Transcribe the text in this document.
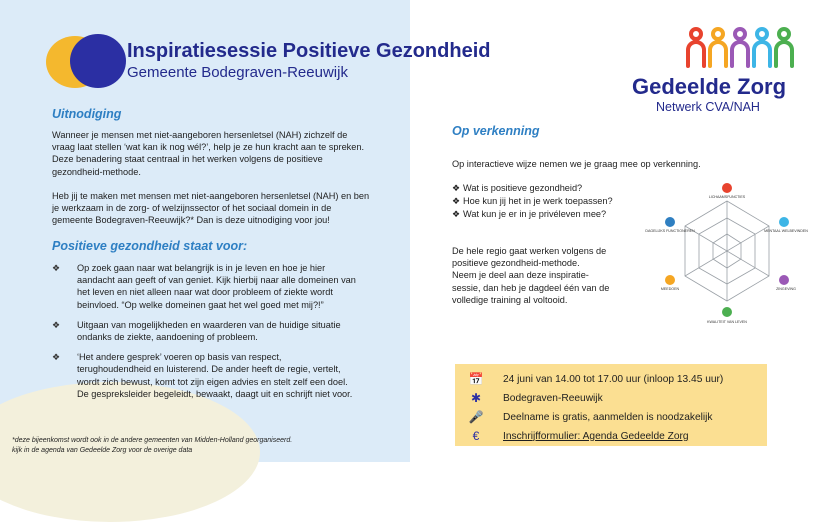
Inspiratiesessie Positieve Gezondheid
Gemeente Bodegraven-Reeuwijk
Uitnodiging
Wanneer je mensen met niet-aangeboren hersenletsel (NAH) zichzelf de
vraag laat stellen ‘wat kan ik nog wél?’, help je ze hun kracht aan te spreken.
Deze benadering staat centraal in het werken volgens de positieve
gezondheid-methode.
Heb jij te maken met mensen met niet-aangeboren hersenletsel (NAH) en ben
je werkzaam in de zorg- of welzijnssector of het sociaal domein in de
gemeente Bodegraven-Reeuwijk?* Dan is deze uitnodiging voor jou!
Positieve gezondheid staat voor:
❖ Op zoek gaan naar wat belangrijk is in je leven en hoe je hier
aandacht aan geeft of van geniet. Kijk hierbij naar alle domeinen van
het leven en niet alleen naar wat door probleem of ziekte wordt
beinvloed. “Op welke domeinen gaat het wel goed met mij?!”
❖ Uitgaan van mogelijkheden en waarderen van de huidige situatie
ondanks de ziekte, aandoening of probleem.
❖ ‘Het andere gesprek’ voeren op basis van respect,
terughoudendheid en luisterend. De ander heeft de regie, vertelt,
wordt zich bewust, komt tot zijn eigen advies en stelt zelf een doel.
De gespreksleider begeleidt, bewaakt, daagt uit en schrijft niet voor.
*deze bijeenkomst wordt ook in de andere gemeenten van Midden-Holland georganiseerd.
kijk in de agenda van Gedeelde Zorg voor de overige data
Gedeelde Zorg
Netwerk CVA/NAH
Op verkenning
Op interactieve wijze nemen we je graag mee op verkenning.
❖ Wat is positieve gezondheid?
❖ Hoe kun jij het in je werk toepassen?
❖ Wat kun je er in je privéleven mee?
De hele regio gaat werken volgens de
positieve gezondheid-methode.
Neem je deel aan deze inspiratie-
sessie, dan heb je dagdeel één van de
volledige training al voltooid.
LICHAAMSFUNCTIES
MENTAAL WELBEVINDEN
ZINGEVING
KWALITEIT VAN LEVEN
MEEDOEN
DAGELIJKS FUNCTIONEREN
📅	24 juni van 14.00 tot 17.00 uur (inloop 13.45 uur)
✱	Bodegraven-Reeuwijk
🎤	Deelname is gratis, aanmelden is noodzakelijk
€	Inschrijfformulier: Agenda Gedeelde Zorg
